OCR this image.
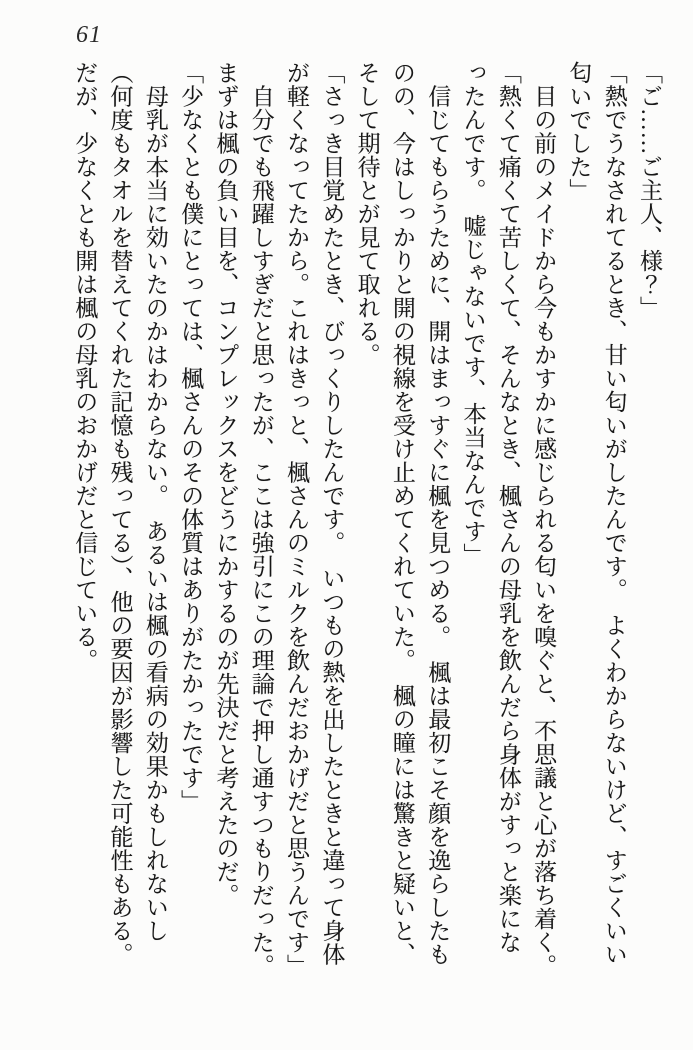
61
「ご……ご主人、様？」
「熱でうなされてるとき、甘い匂いがしたんです。　よくわからないけど、すごくいい
匂いでした」
　目の前のメイドから今もかすかに感じられる匂いを嗅ぐと、不思議と心が落ち着く。
「熱くて痛くて苦しくて、そんなとき、楓さんの母乳を飲んだら身体がすっと楽にな
ったんです。　嘘じゃないです、本当なんです」
　信じてもらうために、開はまっすぐに楓を見つめる。　楓は最初こそ顔を逸らしたも
のの、今はしっかりと開の視線を受け止めてくれていた。　楓の瞳には驚きと疑いと、
そして期待とが見て取れる。
「さっき目覚めたとき、びっくりしたんです。　いつもの熱を出したときと違って身体
が軽くなってたから。これはきっと、楓さんのミルクを飲んだおかげだと思うんです」
　自分でも飛躍しすぎだと思ったが、ここは強引にこの理論で押し通すつもりだった。
まずは楓の負い目を、コンプレックスをどうにかするのが先決だと考えたのだ。
「少なくとも僕にとっては、楓さんのその体質はありがたかったです」
　母乳が本当に効いたのかはわからない。　あるいは楓の看病の効果かもしれないし
（何度もタオルを替えてくれた記憶も残ってる）、他の要因が影響した可能性もある。
だが、少なくとも開は楓の母乳のおかげだと信じている。
